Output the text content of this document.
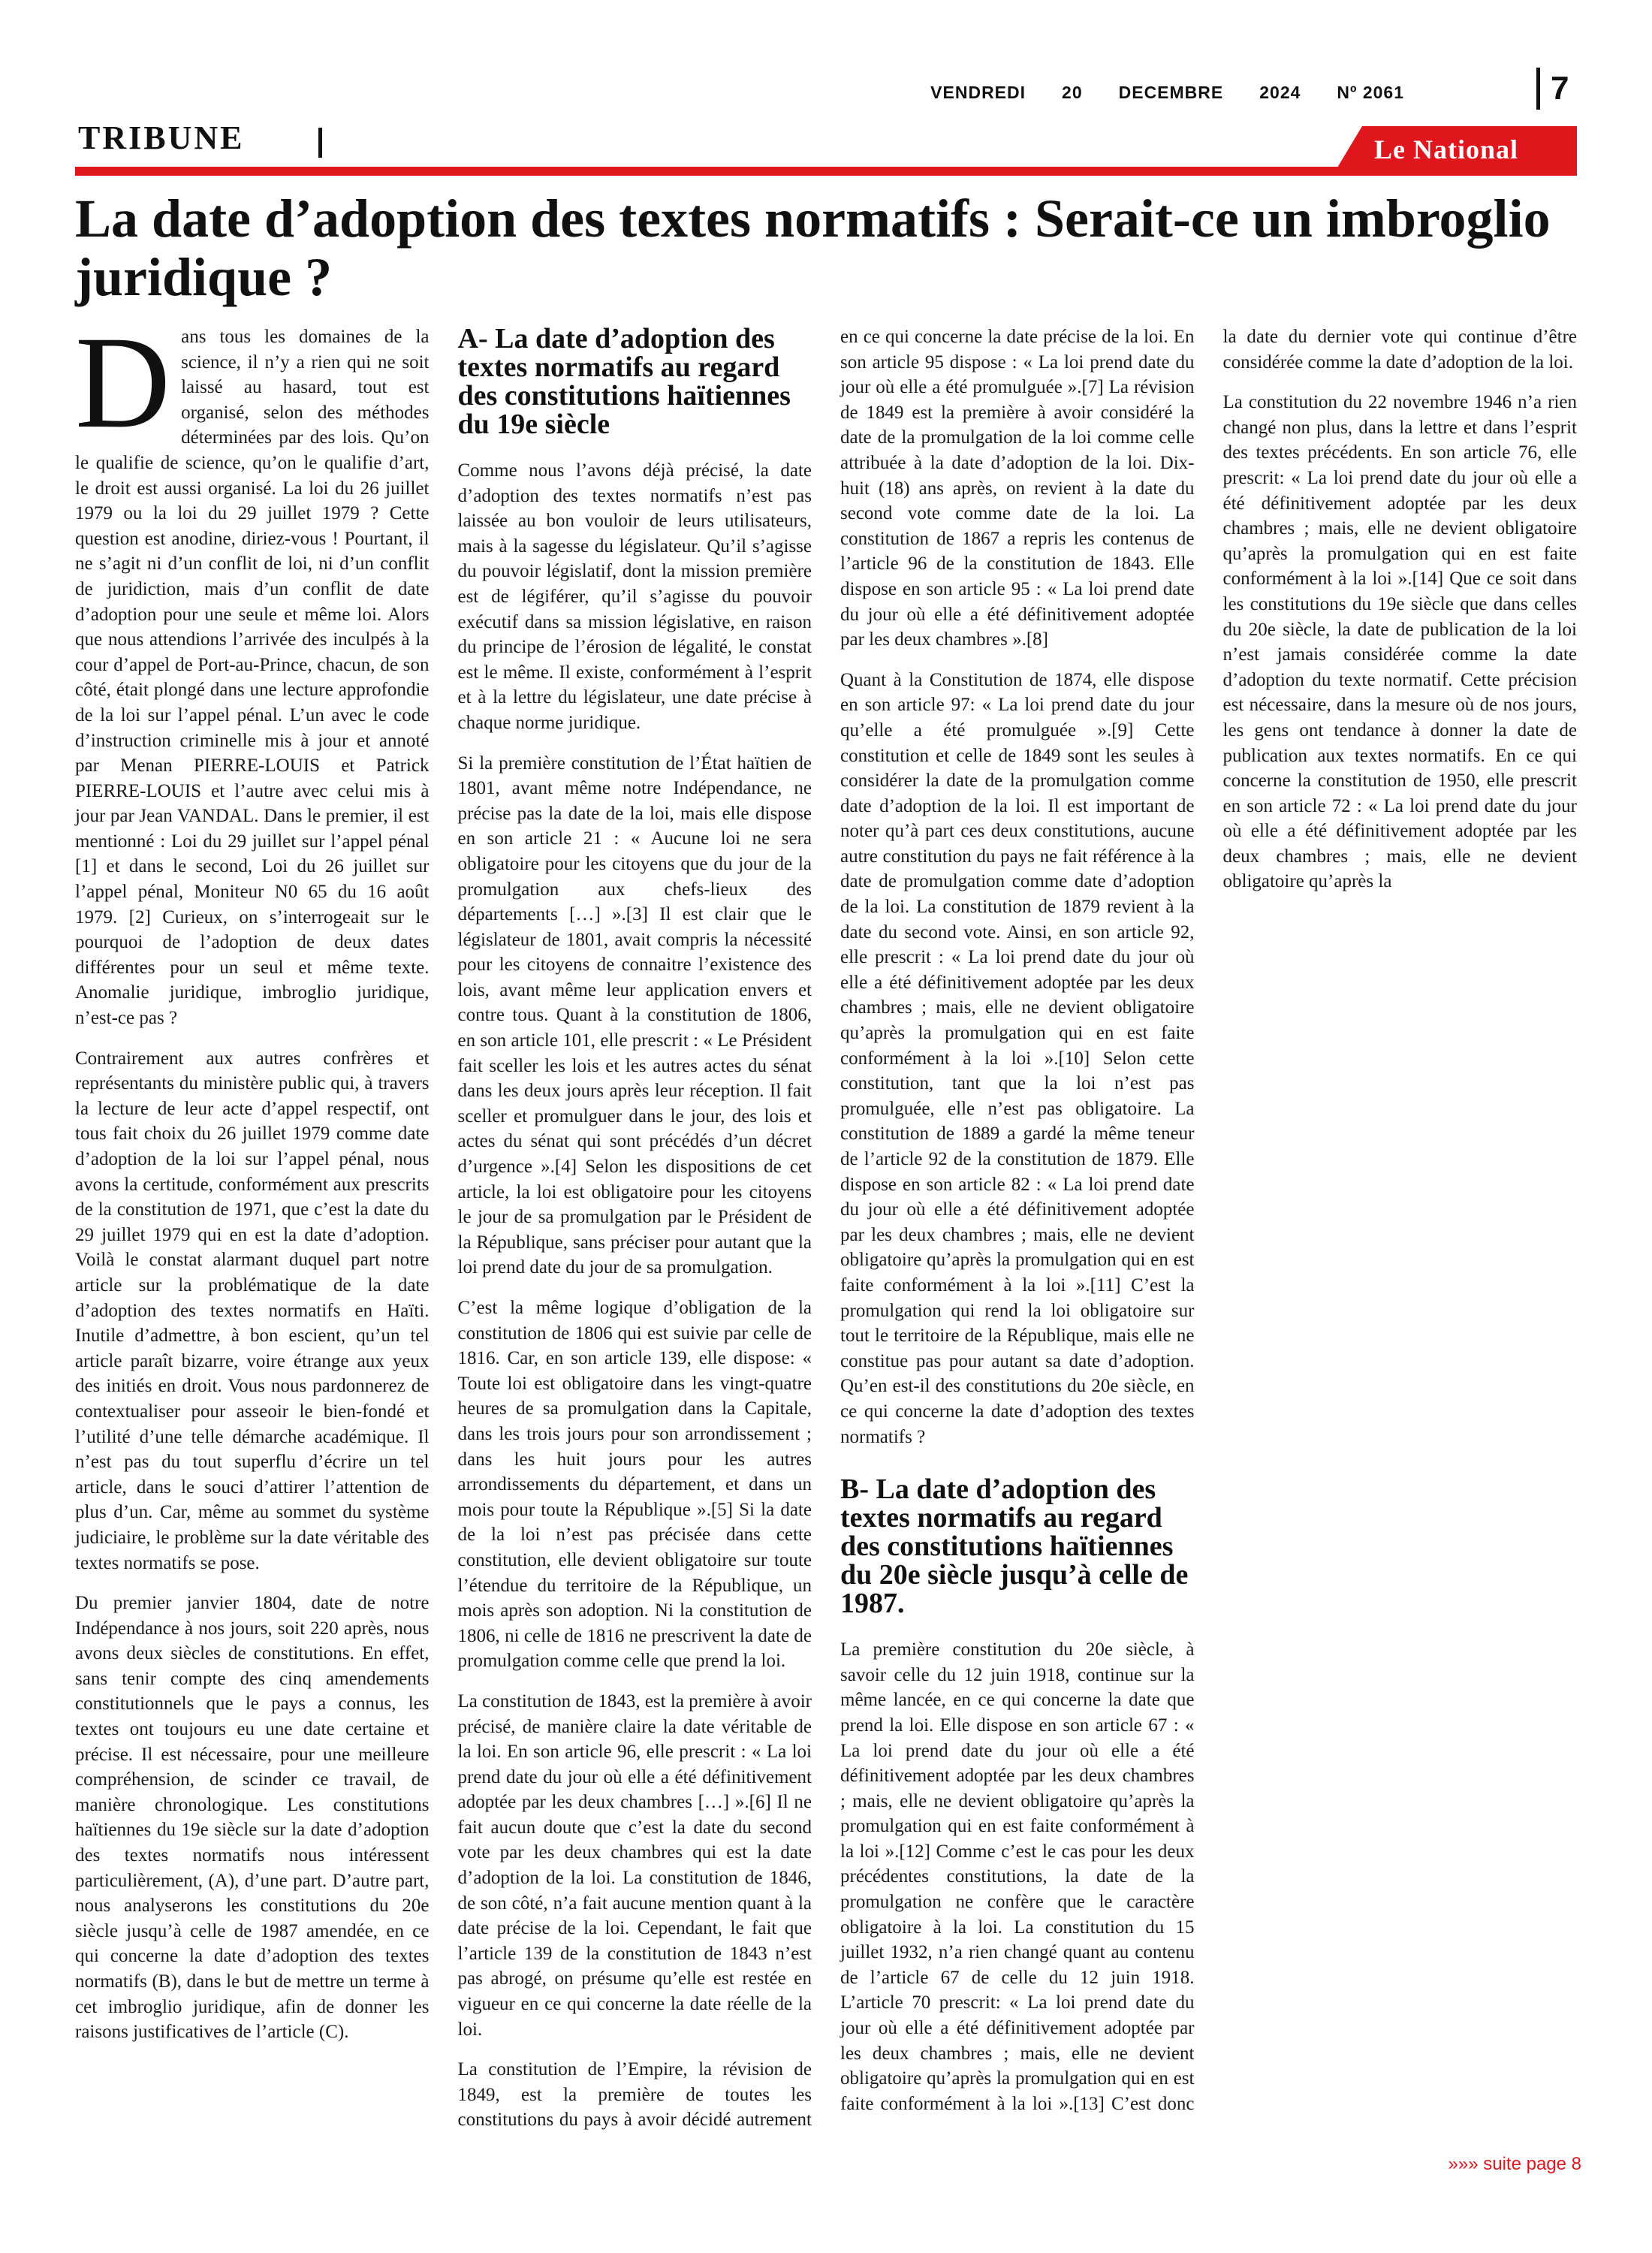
VENDREDI 20 DECEMBRE 2024 Nº 2061	7
TRIBUNE	Le National
La date d’adoption des textes normatifs : Serait-ce un imbroglio juridique ?

Dans tous les domaines de la science, il n’y a rien qui ne soit laissé au hasard, tout est organisé, selon des méthodes déterminées par des lois. Qu’on le qualifie de science, qu’on le qualifie d’art, le droit est aussi organisé. La loi du 26 juillet 1979 ou la loi du 29 juillet 1979 ? Cette question est anodine, diriez-vous ! Pourtant, il ne s’agit ni d’un conflit de loi, ni d’un conflit de juridiction, mais d’un conflit de date d’adoption pour une seule et même loi. Alors que nous attendions l’arrivée des inculpés à la cour d’appel de Port-au-Prince, chacun, de son côté, était plongé dans une lecture approfondie de la loi sur l’appel pénal. L’un avec le code d’instruction criminelle mis à jour et annoté par Menan PIERRE-LOUIS et Patrick PIERRE-LOUIS et l’autre avec celui mis à jour par Jean VANDAL. Dans le premier, il est mentionné : Loi du 29 juillet sur l’appel pénal [1] et dans le second, Loi du 26 juillet sur l’appel pénal, Moniteur N0 65 du 16 août 1979. [2] Curieux, on s’interrogeait sur le pourquoi de l’adoption de deux dates différentes pour un seul et même texte. Anomalie juridique, imbroglio juridique, n’est-ce pas ?

Contrairement aux autres confrères et représentants du ministère public qui, à travers la lecture de leur acte d’appel respectif, ont tous fait choix du 26 juillet 1979 comme date d’adoption de la loi sur l’appel pénal, nous avons la certitude, conformément aux prescrits de la constitution de 1971, que c’est la date du 29 juillet 1979 qui en est la date d’adoption. Voilà le constat alarmant duquel part notre article sur la problématique de la date d’adoption des textes normatifs en Haïti. Inutile d’admettre, à bon escient, qu’un tel article paraît bizarre, voire étrange aux yeux des initiés en droit. Vous nous pardonnerez de contextualiser pour asseoir le bien-fondé et l’utilité d’une telle démarche académique. Il n’est pas du tout superflu d’écrire un tel article, dans le souci d’attirer l’attention de plus d’un. Car, même au sommet du système judiciaire, le problème sur la date véritable des textes normatifs se pose.

Du premier janvier 1804, date de notre Indépendance à nos jours, soit 220 après, nous avons deux siècles de constitutions. En effet, sans tenir compte des cinq amendements constitutionnels que le pays a connus, les textes ont toujours eu une date certaine et précise. Il est nécessaire, pour une meilleure compréhension, de scinder ce travail, de manière chronologique. Les constitutions haïtiennes du 19e siècle sur la date d’adoption des textes normatifs nous intéressent particulièrement, (A), d’une part. D’autre part, nous analyserons les constitutions du 20e siècle jusqu’à celle de 1987 amendée, en ce qui concerne la date d’adoption des textes normatifs (B), dans le but de mettre un terme à cet imbroglio juridique, afin de donner les raisons justificatives de l’article (C).

A- La date d’adoption des textes normatifs au regard des constitutions haïtiennes du 19e siècle

Comme nous l’avons déjà précisé, la date d’adoption des textes normatifs n’est pas laissée au bon vouloir de leurs utilisateurs, mais à la sagesse du législateur. Qu’il s’agisse du pouvoir législatif, dont la mission première est de légiférer, qu’il s’agisse du pouvoir exécutif dans sa mission législative, en raison du principe de l’érosion de légalité, le constat est le même. Il existe, conformément à l’esprit et à la lettre du législateur, une date précise à chaque norme juridique.

Si la première constitution de l’État haïtien de 1801, avant même notre Indépendance, ne précise pas la date de la loi, mais elle dispose en son article 21 : « Aucune loi ne sera obligatoire pour les citoyens que du jour de la promulgation aux chefs-lieux des départements […] ».[3] Il est clair que le législateur de 1801, avait compris la nécessité pour les citoyens de connaitre l’existence des lois, avant même leur application envers et contre tous. Quant à la constitution de 1806, en son article 101, elle prescrit : « Le Président fait sceller les lois et les autres actes du sénat dans les deux jours après leur réception. Il fait sceller et promulguer dans le jour, des lois et actes du sénat qui sont précédés d’un décret d’urgence ».[4] Selon les dispositions de cet article, la loi est obligatoire pour les citoyens le jour de sa promulgation par le Président de la République, sans préciser pour autant que la loi prend date du jour de sa promulgation.

C’est la même logique d’obligation de la constitution de 1806 qui est suivie par celle de 1816. Car, en son article 139, elle dispose: « Toute loi est obligatoire dans les vingt-quatre heures de sa promulgation dans la Capitale, dans les trois jours pour son arrondissement ; dans les huit jours pour les autres arrondissements du département, et dans un mois pour toute la République ».[5] Si la date de la loi n’est pas précisée dans cette constitution, elle devient obligatoire sur toute l’étendue du territoire de la République, un mois après son adoption. Ni la constitution de 1806, ni celle de 1816 ne prescrivent la date de promulgation comme celle que prend la loi.

La constitution de 1843, est la première à avoir précisé, de manière claire la date véritable de la loi. En son article 96, elle prescrit : « La loi prend date du jour où elle a été définitivement adoptée par les deux chambres […] ».[6] Il ne fait aucun doute que c’est la date du second vote par les deux chambres qui est la date d’adoption de la loi. La constitution de 1846, de son côté, n’a fait aucune mention quant à la date précise de la loi. Cependant, le fait que l’article 139 de la constitution de 1843 n’est pas abrogé, on présume qu’elle est restée en vigueur en ce qui concerne la date réelle de la loi.

La constitution de l’Empire, la révision de 1849, est la première de toutes les constitutions du pays à avoir décidé autrement en ce qui concerne la date précise de la loi. En son article 95 dispose : « La loi prend date du jour où elle a été promulguée ».[7] La révision de 1849 est la première à avoir considéré la date de la promulgation de la loi comme celle attribuée à la date d’adoption de la loi. Dix-huit (18) ans après, on revient à la date du second vote comme date de la loi. La constitution de 1867 a repris les contenus de l’article 96 de la constitution de 1843. Elle dispose en son article 95 : « La loi prend date du jour où elle a été définitivement adoptée par les deux chambres ».[8]

Quant à la Constitution de 1874, elle dispose en son article 97: « La loi prend date du jour qu’elle a été promulguée ».[9] Cette constitution et celle de 1849 sont les seules à considérer la date de la promulgation comme date d’adoption de la loi. Il est important de noter qu’à part ces deux constitutions, aucune autre constitution du pays ne fait référence à la date de promulgation comme date d’adoption de la loi. La constitution de 1879 revient à la date du second vote. Ainsi, en son article 92, elle prescrit : « La loi prend date du jour où elle a été définitivement adoptée par les deux chambres ; mais, elle ne devient obligatoire qu’après la promulgation qui en est faite conformément à la loi ».[10] Selon cette constitution, tant que la loi n’est pas promulguée, elle n’est pas obligatoire. La constitution de 1889 a gardé la même teneur de l’article 92 de la constitution de 1879. Elle dispose en son article 82 : « La loi prend date du jour où elle a été définitivement adoptée par les deux chambres ; mais, elle ne devient obligatoire qu’après la promulgation qui en est faite conformément à la loi ».[11] C’est la promulgation qui rend la loi obligatoire sur tout le territoire de la République, mais elle ne constitue pas pour autant sa date d’adoption. Qu’en est-il des constitutions du 20e siècle, en ce qui concerne la date d’adoption des textes normatifs ?

B- La date d’adoption des textes normatifs au regard des constitutions haïtiennes du 20e siècle jusqu’à celle de 1987.

La première constitution du 20e siècle, à savoir celle du 12 juin 1918, continue sur la même lancée, en ce qui concerne la date que prend la loi. Elle dispose en son article 67 : « La loi prend date du jour où elle a été définitivement adoptée par les deux chambres ; mais, elle ne devient obligatoire qu’après la promulgation qui en est faite conformément à la loi ».[12] Comme c’est le cas pour les deux précédentes constitutions, la date de la promulgation ne confère que le caractère obligatoire à la loi. La constitution du 15 juillet 1932, n’a rien changé quant au contenu de l’article 67 de celle du 12 juin 1918. L’article 70 prescrit: « La loi prend date du jour où elle a été définitivement adoptée par les deux chambres ; mais, elle ne devient obligatoire qu’après la promulgation qui en est faite conformément à la loi ».[13] C’est donc la date du dernier vote qui continue d’être considérée comme la date d’adoption de la loi.

La constitution du 22 novembre 1946 n’a rien changé non plus, dans la lettre et dans l’esprit des textes précédents. En son article 76, elle prescrit: « La loi prend date du jour où elle a été définitivement adoptée par les deux chambres ; mais, elle ne devient obligatoire qu’après la promulgation qui en est faite conformément à la loi ».[14] Que ce soit dans les constitutions du 19e siècle que dans celles du 20e siècle, la date de publication de la loi n’est jamais considérée comme la date d’adoption du texte normatif. Cette précision est nécessaire, dans la mesure où de nos jours, les gens ont tendance à donner la date de publication aux textes normatifs. En ce qui concerne la constitution de 1950, elle prescrit en son article 72 : « La loi prend date du jour où elle a été définitivement adoptée par les deux chambres ; mais, elle ne devient obligatoire qu’après la

»»» suite page 8
